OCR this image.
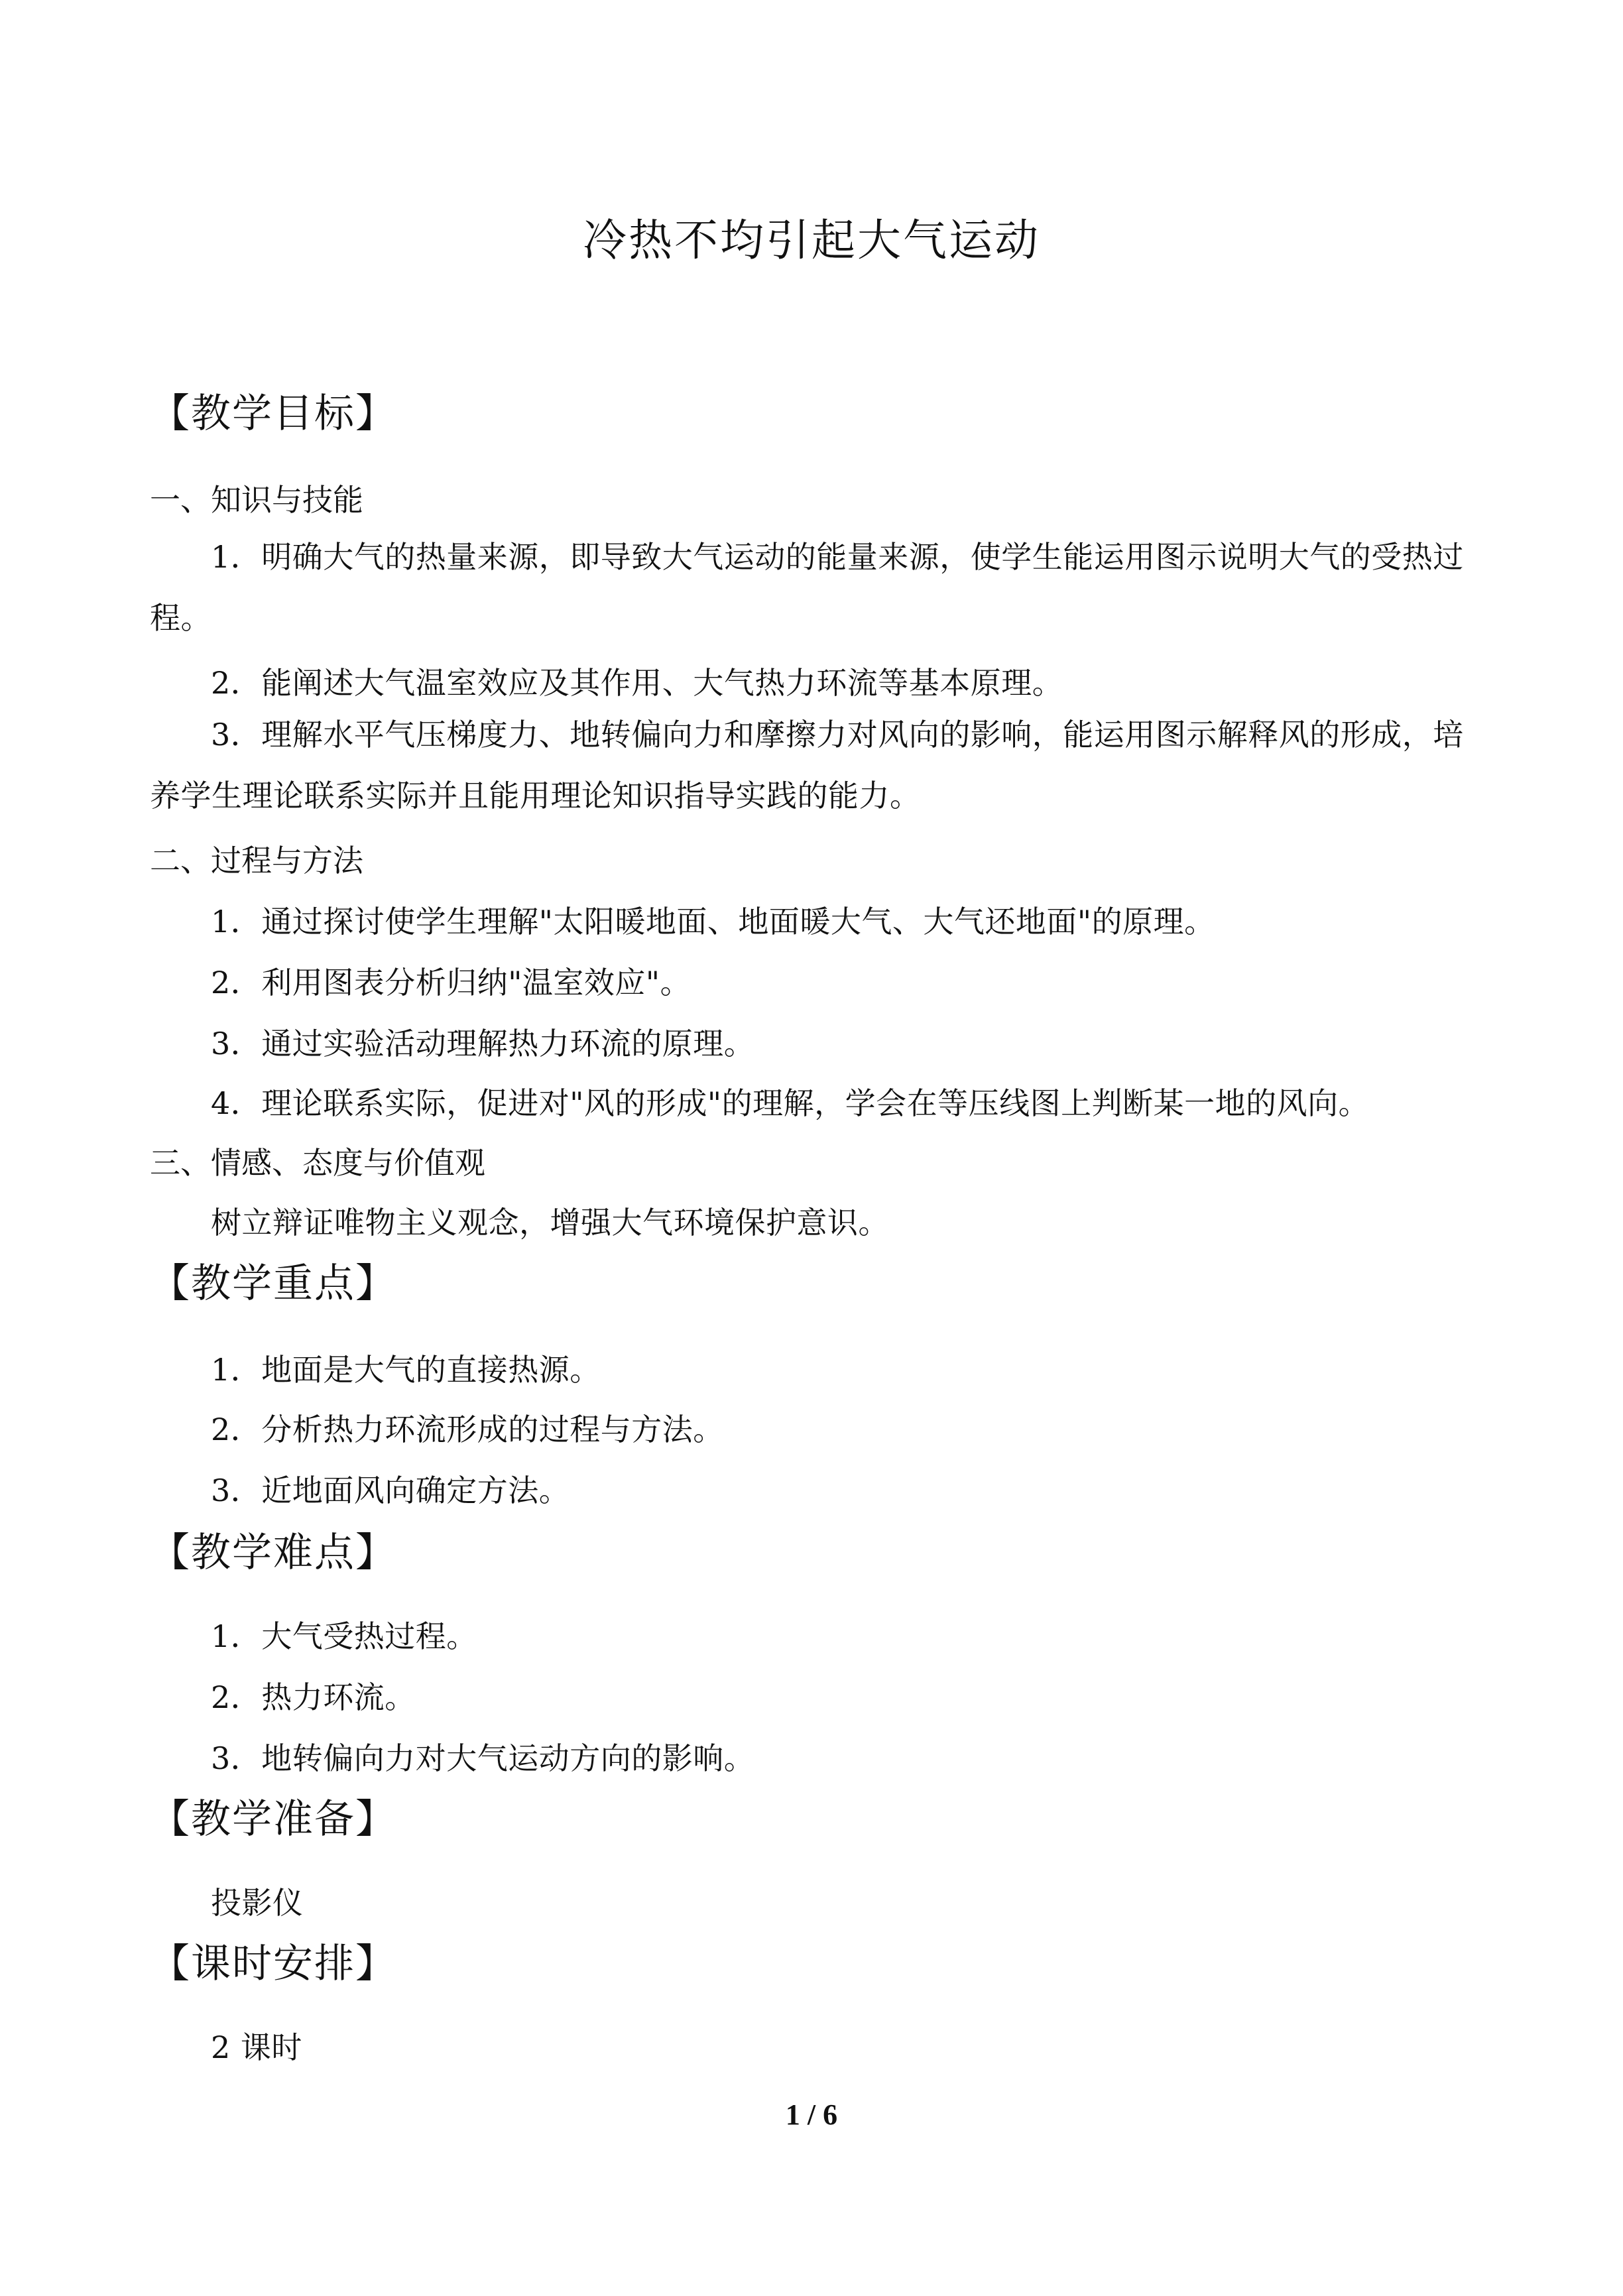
冷热不均引起大气运动
【教学目标】
一、知识与技能
1．明确大气的热量来源，即导致大气运动的能量来源，使学生能运用图示说明大气的受热过程。
2．能阐述大气温室效应及其作用、大气热力环流等基本原理。
3．理解水平气压梯度力、地转偏向力和摩擦力对风向的影响，能运用图示解释风的形成，培养学生理论联系实际并且能用理论知识指导实践的能力。
二、过程与方法
1．通过探讨使学生理解"太阳暖地面、地面暖大气、大气还地面"的原理。
2．利用图表分析归纳"温室效应"。
3．通过实验活动理解热力环流的原理。
4．理论联系实际，促进对"风的形成"的理解，学会在等压线图上判断某一地的风向。
三、情感、态度与价值观
树立辩证唯物主义观念，增强大气环境保护意识。
【教学重点】
1．地面是大气的直接热源。
2．分析热力环流形成的过程与方法。
3．近地面风向确定方法。
【教学难点】
1．大气受热过程。
2．热力环流。
3．地转偏向力对大气运动方向的影响。
【教学准备】
投影仪
【课时安排】
2 课时
1 / 6
